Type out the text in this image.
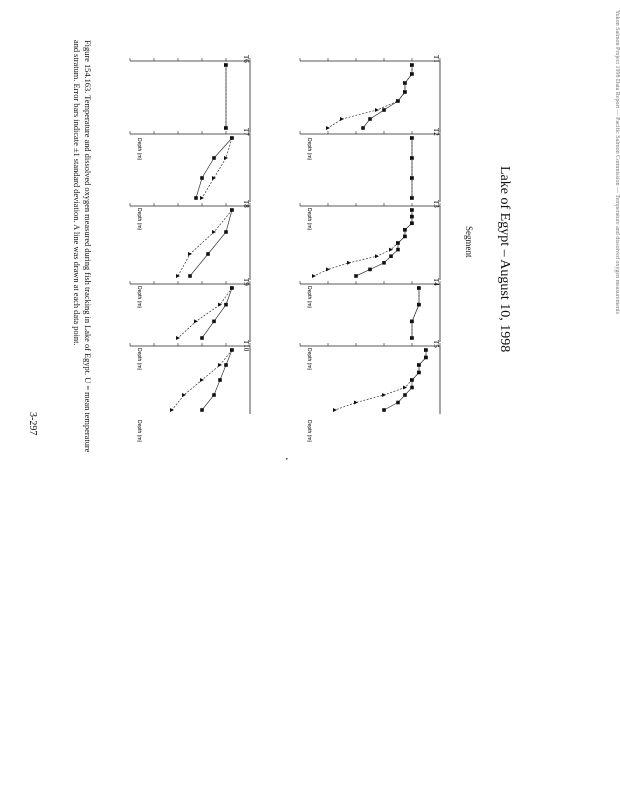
T1
Depth (m)
T2
Depth (m)
T3
Depth (m)
T4
Depth (m)
T5
Depth (m)
T6
Depth (m)
T7
Depth (m)
T8
Depth (m)
T9
Depth (m)
T10
Depth (m)
Yukon Salmon Project 1998 Data Report — Pacific Salmon Commission — Temperature and dissolved oxygen measurements
Lake of Egypt – August 10, 1998
Segment
Figure 154.163. Temperature and dissolved oxygen measured during fish tracking in Lake of Egypt. U = mean temperature
and stratum. Error bars indicate ±1 standard deviation. A line was drawn at each data point.
3-297
